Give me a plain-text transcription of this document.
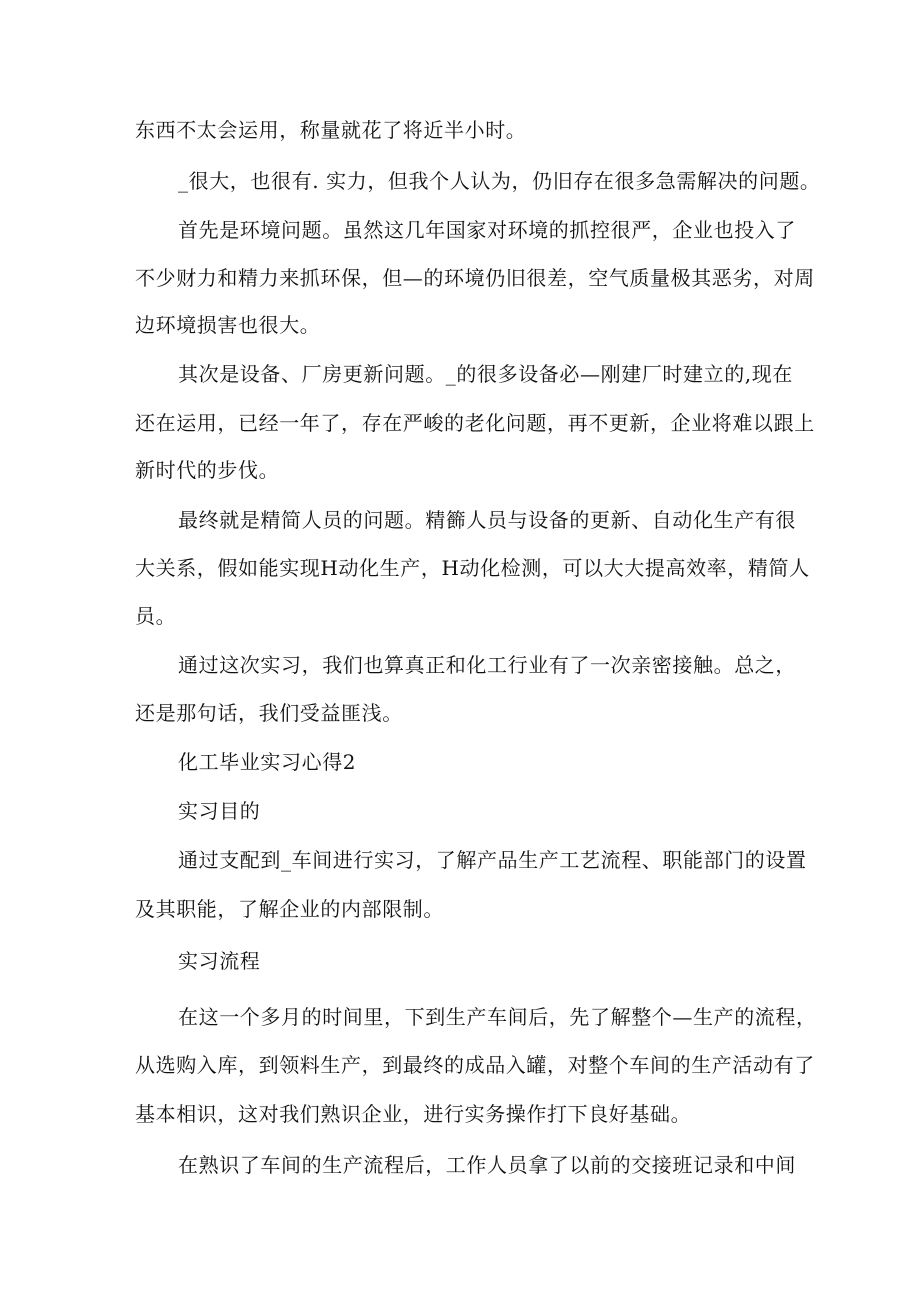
东西不太会运用，称量就花了将近半小时。
_很大，也很有. 实力，但我个人认为，仍旧存在很多急需解决的问题。
首先是环境问题。虽然这几年国家对环境的抓控很严，企业也投入了
不少财力和精力来抓环保，但—的环境仍旧很差，空气质量极其恶劣，对周
边环境损害也很大。
其次是设备、厂房更新问题。_的很多设备必—刚建厂时建立的,现在
还在运用，已经一年了，存在严峻的老化问题，再不更新，企业将难以跟上
新时代的步伐。
最终就是精简人员的问题。精籂人员与设备的更新、自动化生产有很
大关系，假如能实现H动化生产，H动化检测，可以大大提高效率，精简人
员。
通过这次实习，我们也算真正和化工行业有了一次亲密接触。总之，
还是那句话，我们受益匪浅。
化工毕业实习心得2
实习目的
通过支配到_车间进行实习，了解产品生产工艺流程、职能部门的设置
及其职能，了解企业的内部限制。
实习流程
在这一个多月的时间里，下到生产车间后，先了解整个—生产的流程，
从选购入库，到领料生产，到最终的成品入罐，对整个车间的生产活动有了
基本相识，这对我们熟识企业，进行实务操作打下良好基础。
在熟识了车间的生产流程后，工作人员拿了以前的交接班记录和中间
